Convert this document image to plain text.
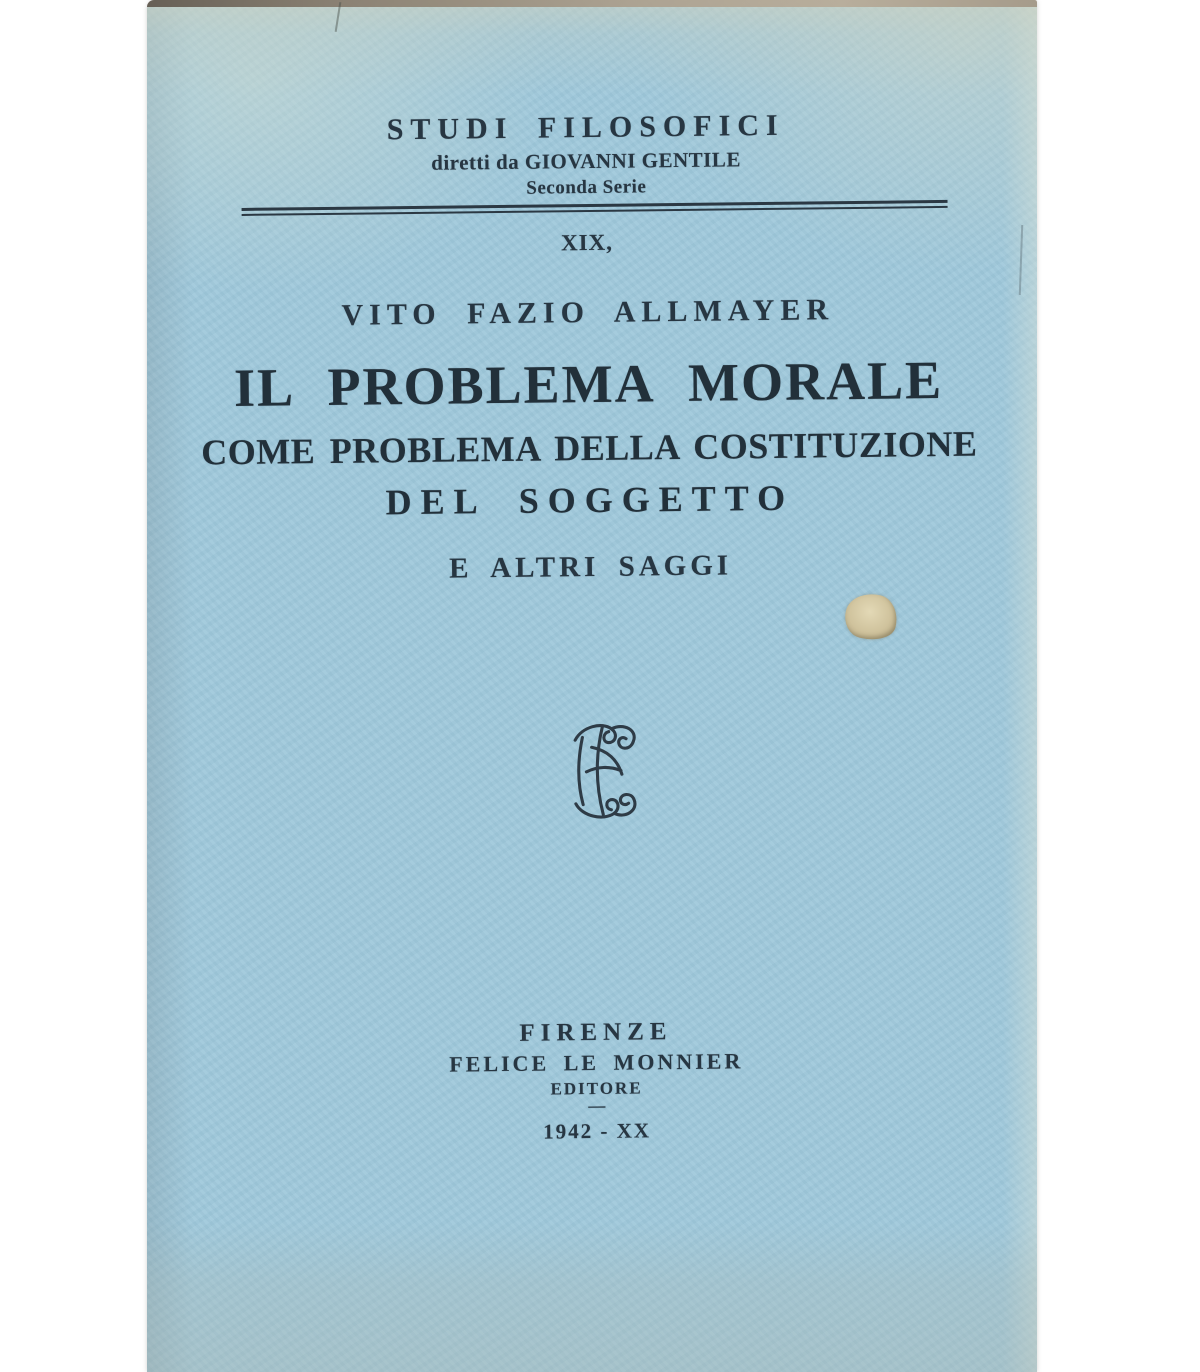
STUDI FILOSOFICI
diretti da GIOVANNI GENTILE
Seconda Serie
XIX,
VITO FAZIO ALLMAYER
IL PROBLEMA MORALE
COME PROBLEMA DELLA COSTITUZIONE
DEL SOGGETTO
E ALTRI SAGGI
FIRENZE
FELICE LE MONNIER
EDITORE
—
1942 - XX
